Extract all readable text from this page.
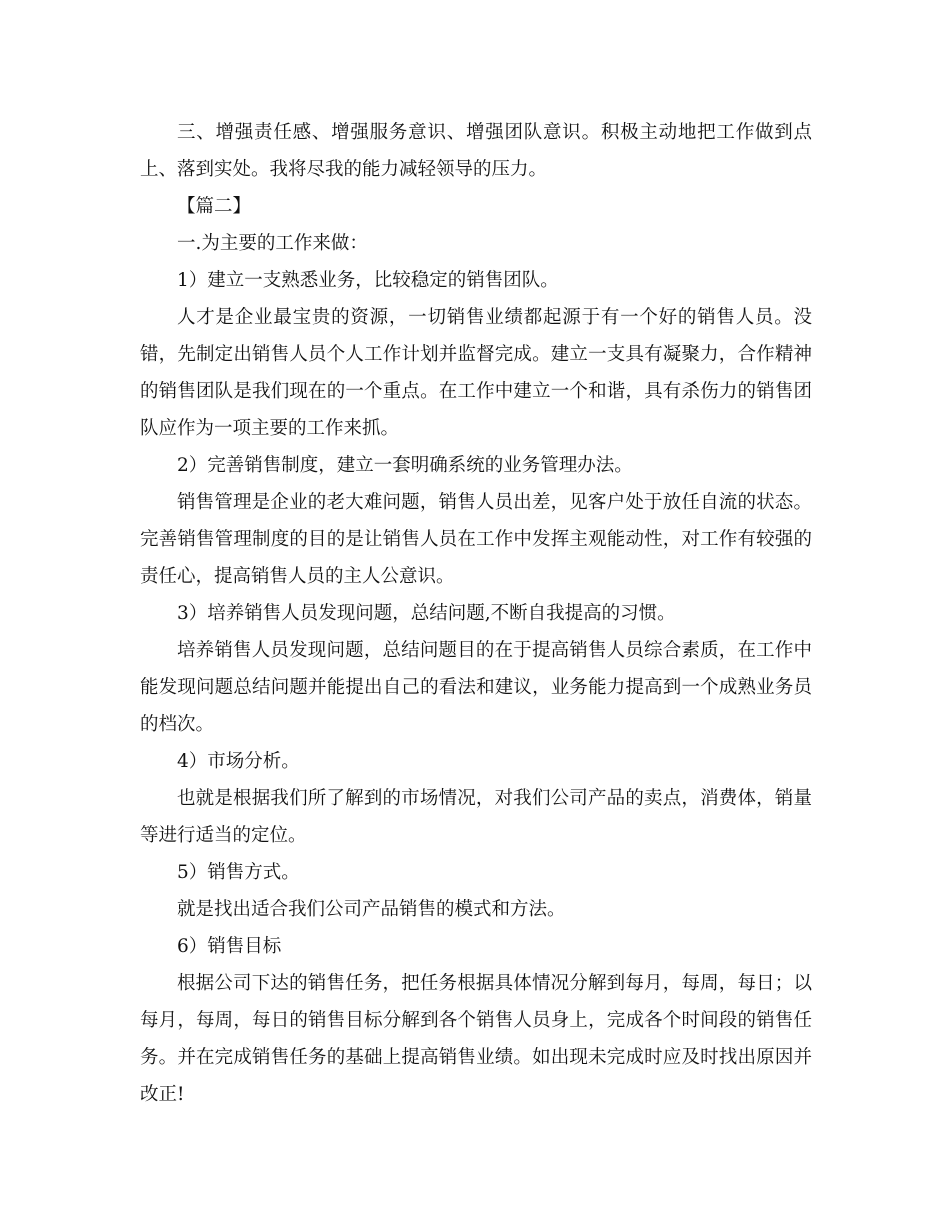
三、增强责任感、增强服务意识、增强团队意识。积极主动地把工作做到点上、落到实处。我将尽我的能力减轻领导的压力。

【篇二】

一.为主要的工作来做：

1）建立一支熟悉业务，比较稳定的销售团队。

人才是企业最宝贵的资源，一切销售业绩都起源于有一个好的销售人员。没错，先制定出销售人员个人工作计划并监督完成。建立一支具有凝聚力，合作精神的销售团队是我们现在的一个重点。在工作中建立一个和谐，具有杀伤力的销售团队应作为一项主要的工作来抓。

2）完善销售制度，建立一套明确系统的业务管理办法。

销售管理是企业的老大难问题，销售人员出差，见客户处于放任自流的状态。完善销售管理制度的目的是让销售人员在工作中发挥主观能动性，对工作有较强的责任心，提高销售人员的主人公意识。

3）培养销售人员发现问题，总结问题,不断自我提高的习惯。

培养销售人员发现问题，总结问题目的在于提高销售人员综合素质，在工作中能发现问题总结问题并能提出自己的看法和建议，业务能力提高到一个成熟业务员的档次。

4）市场分析。

也就是根据我们所了解到的市场情况，对我们公司产品的卖点，消费体，销量等进行适当的定位。

5）销售方式。

就是找出适合我们公司产品销售的模式和方法。

6）销售目标

根据公司下达的销售任务，把任务根据具体情况分解到每月，每周，每日；以每月，每周，每日的销售目标分解到各个销售人员身上，完成各个时间段的销售任务。并在完成销售任务的基础上提高销售业绩。如出现未完成时应及时找出原因并改正!
